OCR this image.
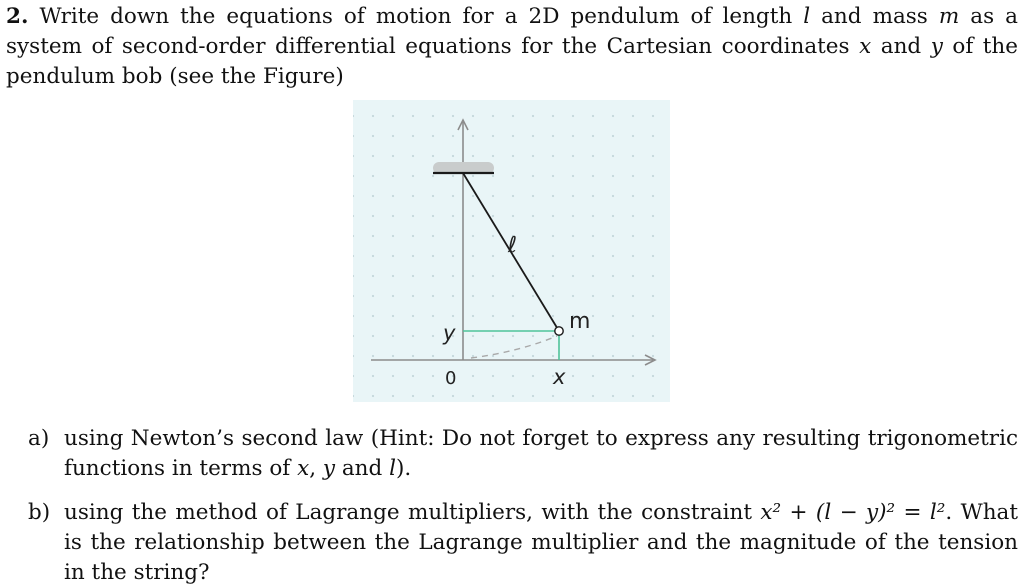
2. Write down the equations of motion for a 2D pendulum of length l and mass m as a system of second-order differential equations for the Cartesian coordinates x and y of the pendulum bob (see the Figure)
ℓ
m
y
0	x
a) using Newton’s second law (Hint: Do not forget to express any resulting trigonometric functions in terms of x, y and l).
b) using the method of Lagrange multipliers, with the constraint x² + (l − y)² = l². What is the relationship between the Lagrange multiplier and the magnitude of the tension in the string?
